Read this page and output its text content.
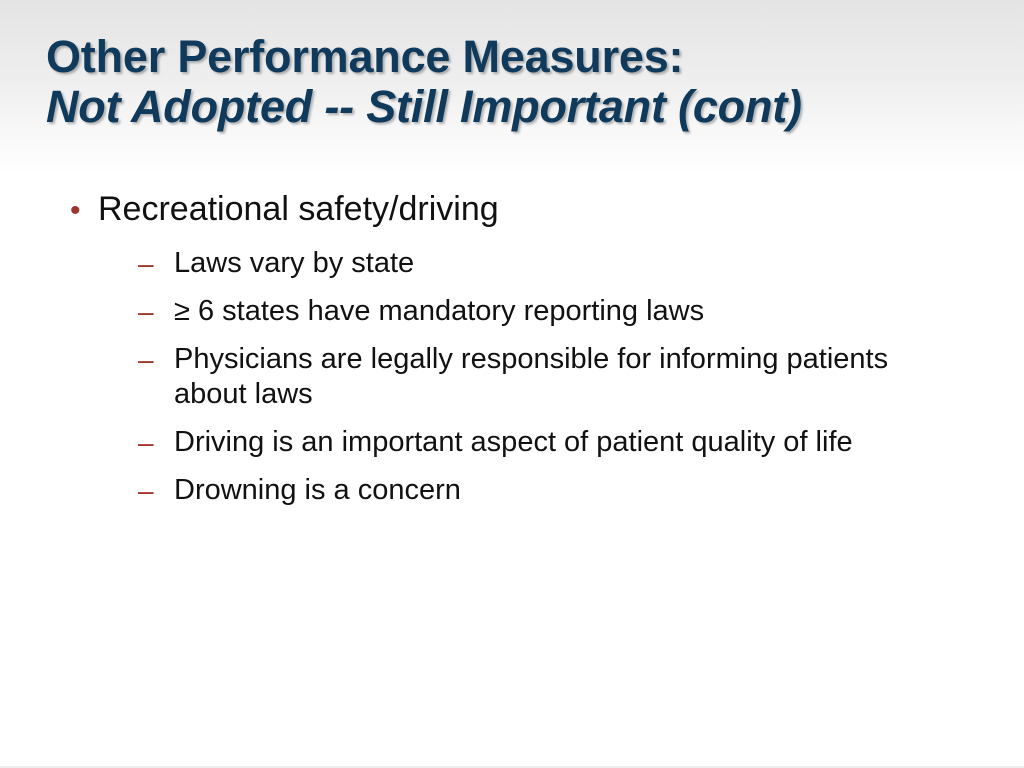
Other Performance Measures:
Not Adopted -- Still Important (cont)
• Recreational safety/driving
– Laws vary by state
– ≥ 6 states have mandatory reporting laws
– Physicians are legally responsible for informing patients about laws
– Driving is an important aspect of patient quality of life
– Drowning is a concern
